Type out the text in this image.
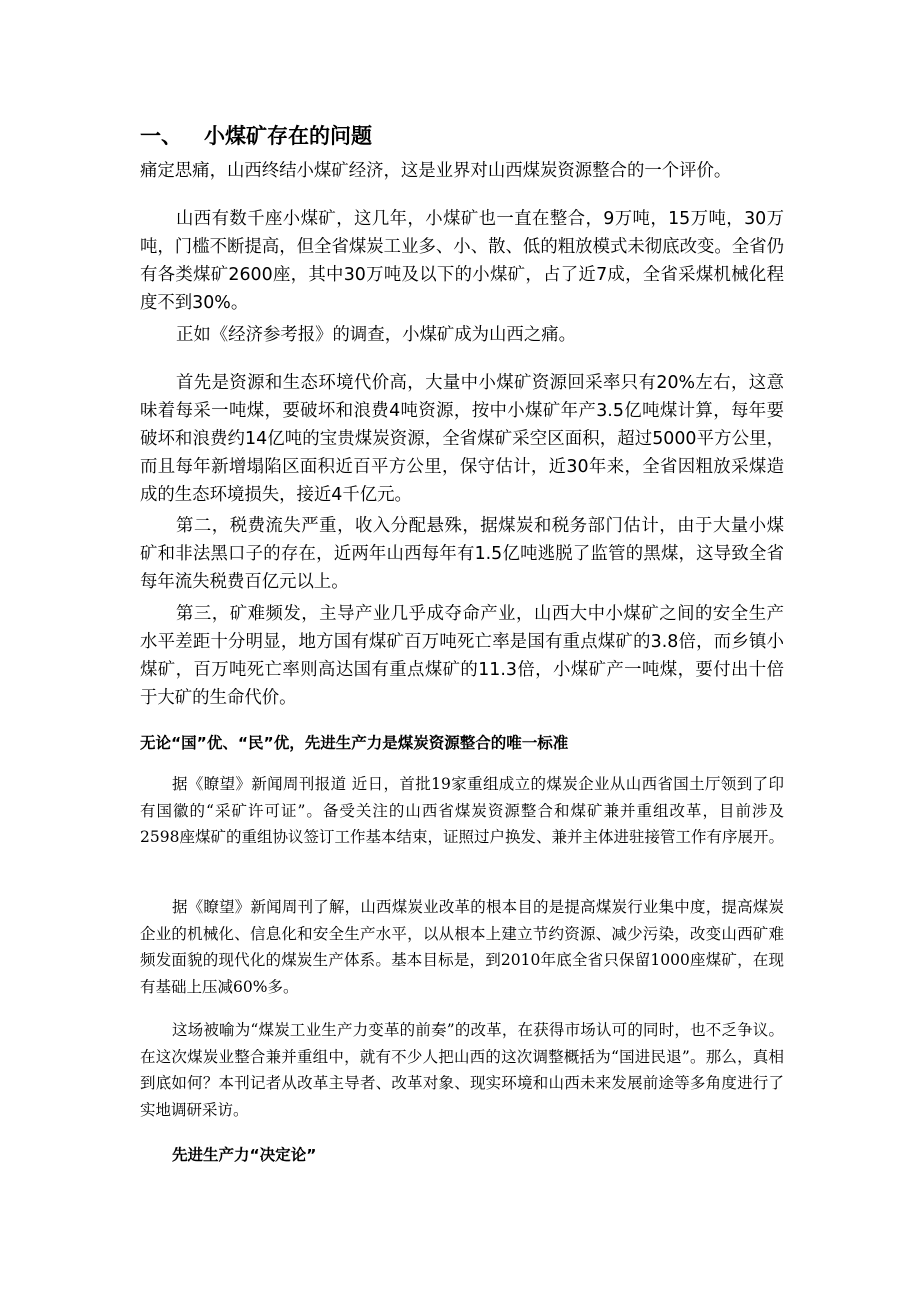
一、 小煤矿存在的问题

痛定思痛，山西终结小煤矿经济，这是业界对山西煤炭资源整合的一个评价。

山西有数千座小煤矿，这几年，小煤矿也一直在整合，9万吨，15万吨，30万吨，门槛不断提高，但全省煤炭工业多、小、散、低的粗放模式未彻底改变。全省仍有各类煤矿2600座，其中30万吨及以下的小煤矿，占了近7成，全省采煤机械化程度不到30%。

正如《经济参考报》的调查，小煤矿成为山西之痛。

首先是资源和生态环境代价高，大量中小煤矿资源回采率只有20%左右，这意味着每采一吨煤，要破坏和浪费4吨资源，按中小煤矿年产3.5亿吨煤计算，每年要破坏和浪费约14亿吨的宝贵煤炭资源，全省煤矿采空区面积，超过5000平方公里，而且每年新增塌陷区面积近百平方公里，保守估计，近30年来，全省因粗放采煤造成的生态环境损失，接近4千亿元。

第二，税费流失严重，收入分配悬殊，据煤炭和税务部门估计，由于大量小煤矿和非法黑口子的存在，近两年山西每年有1.5亿吨逃脱了监管的黑煤，这导致全省每年流失税费百亿元以上。

第三，矿难频发，主导产业几乎成夺命产业，山西大中小煤矿之间的安全生产水平差距十分明显，地方国有煤矿百万吨死亡率是国有重点煤矿的3.8倍，而乡镇小煤矿，百万吨死亡率则高达国有重点煤矿的11.3倍，小煤矿产一吨煤，要付出十倍于大矿的生命代价。

无论“国”优、“民”优，先进生产力是煤炭资源整合的唯一标准

据《瞭望》新闻周刊报道 近日，首批19家重组成立的煤炭企业从山西省国土厅领到了印有国徽的“采矿许可证”。备受关注的山西省煤炭资源整合和煤矿兼并重组改革，目前涉及2598座煤矿的重组协议签订工作基本结束，证照过户换发、兼并主体进驻接管工作有序展开。

据《瞭望》新闻周刊了解，山西煤炭业改革的根本目的是提高煤炭行业集中度，提高煤炭企业的机械化、信息化和安全生产水平，以从根本上建立节约资源、减少污染，改变山西矿难频发面貌的现代化的煤炭生产体系。基本目标是，到2010年底全省只保留1000座煤矿，在现有基础上压减60%多。

这场被喻为“煤炭工业生产力变革的前奏”的改革，在获得市场认可的同时，也不乏争议。在这次煤炭业整合兼并重组中，就有不少人把山西的这次调整概括为“国进民退”。那么，真相到底如何？本刊记者从改革主导者、改革对象、现实环境和山西未来发展前途等多角度进行了实地调研采访。

先进生产力“决定论”
